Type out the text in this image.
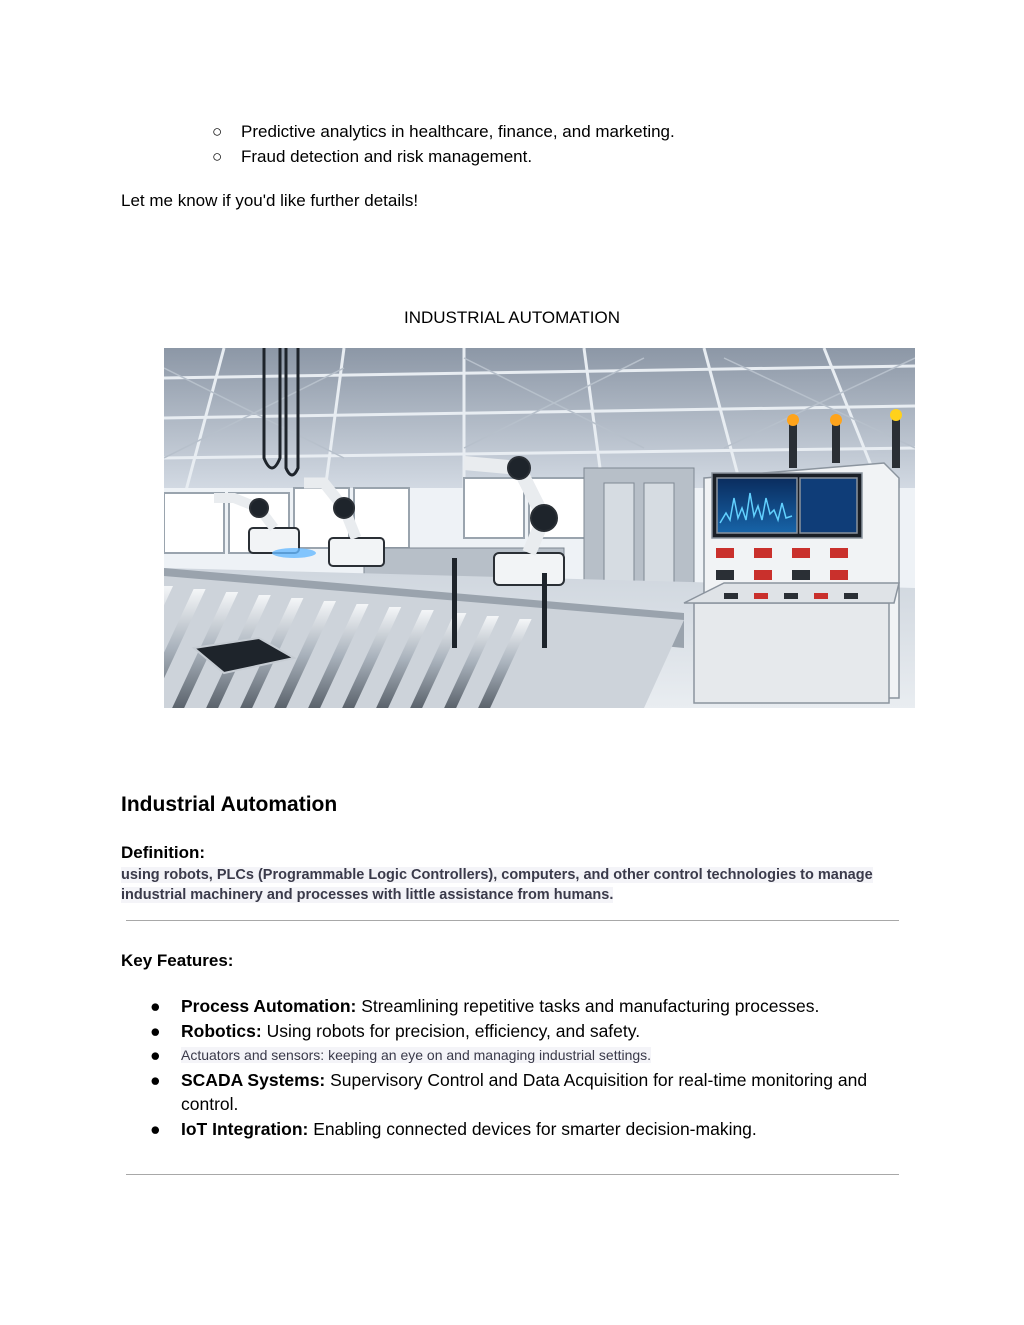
○ Predictive analytics in healthcare, finance, and marketing.
○ Fraud detection and risk management.
Let me know if you'd like further details!
INDUSTRIAL AUTOMATION
Industrial Automation
Definition:
using robots, PLCs (Programmable Logic Controllers), computers, and other control technologies to manage industrial machinery and processes with little assistance from humans.
Key Features:
● Process Automation: Streamlining repetitive tasks and manufacturing processes.
● Robotics: Using robots for precision, efficiency, and safety.
● Actuators and sensors: keeping an eye on and managing industrial settings.
● SCADA Systems: Supervisory Control and Data Acquisition for real-time monitoring and control.
● IoT Integration: Enabling connected devices for smarter decision-making.
